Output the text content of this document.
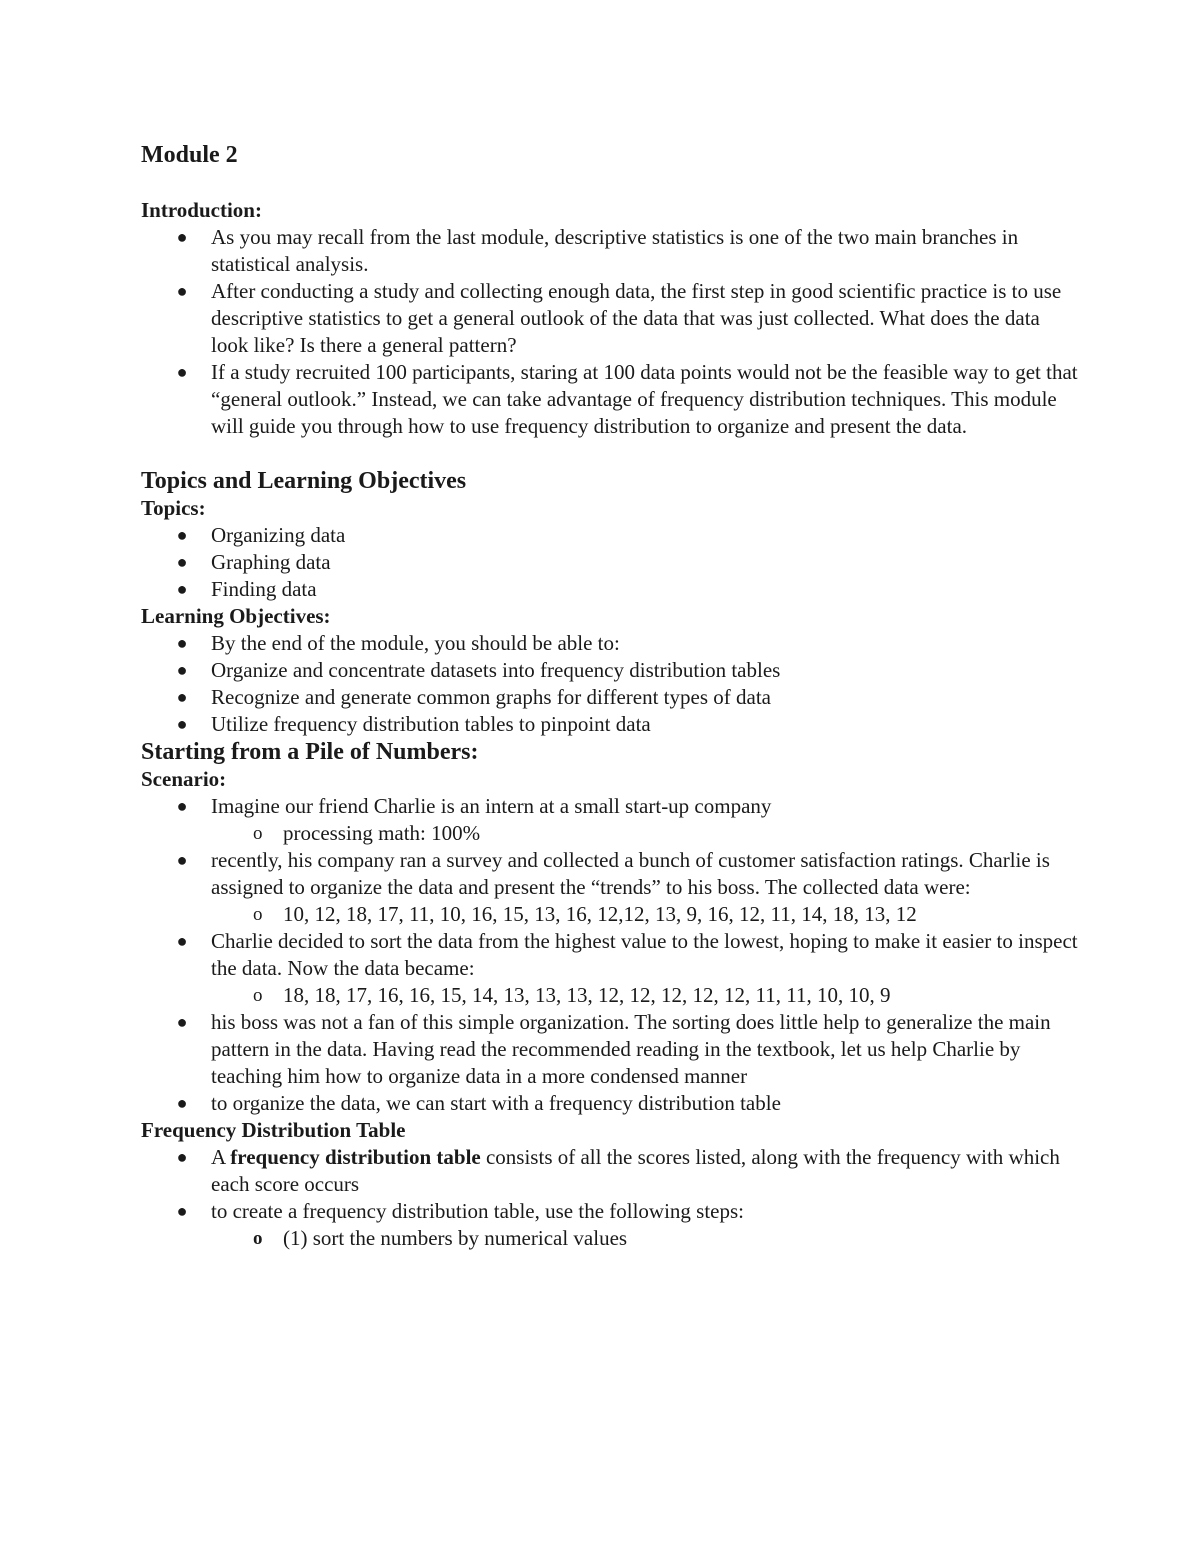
Module 2
Introduction:
● As you may recall from the last module, descriptive statistics is one of the two main branches in statistical analysis.
● After conducting a study and collecting enough data, the first step in good scientific practice is to use descriptive statistics to get a general outlook of the data that was just collected. What does the data look like? Is there a general pattern?
● If a study recruited 100 participants, staring at 100 data points would not be the feasible way to get that “general outlook.” Instead, we can take advantage of frequency distribution techniques. This module will guide you through how to use frequency distribution to organize and present the data.
Topics and Learning Objectives
Topics:
● Organizing data
● Graphing data
● Finding data
Learning Objectives:
● By the end of the module, you should be able to:
● Organize and concentrate datasets into frequency distribution tables
● Recognize and generate common graphs for different types of data
● Utilize frequency distribution tables to pinpoint data
Starting from a Pile of Numbers:
Scenario:
● Imagine our friend Charlie is an intern at a small start-up company
o processing math: 100%
● recently, his company ran a survey and collected a bunch of customer satisfaction ratings. Charlie is assigned to organize the data and present the “trends” to his boss. The collected data were:
o 10, 12, 18, 17, 11, 10, 16, 15, 13, 16, 12,12, 13, 9, 16, 12, 11, 14, 18, 13, 12
● Charlie decided to sort the data from the highest value to the lowest, hoping to make it easier to inspect the data. Now the data became:
o 18, 18, 17, 16, 16, 15, 14, 13, 13, 13, 12, 12, 12, 12, 12, 11, 11, 10, 10, 9
● his boss was not a fan of this simple organization. The sorting does little help to generalize the main pattern in the data. Having read the recommended reading in the textbook, let us help Charlie by teaching him how to organize data in a more condensed manner
● to organize the data, we can start with a frequency distribution table
Frequency Distribution Table
● A frequency distribution table consists of all the scores listed, along with the frequency with which each score occurs
● to create a frequency distribution table, use the following steps:
o (1) sort the numbers by numerical values
